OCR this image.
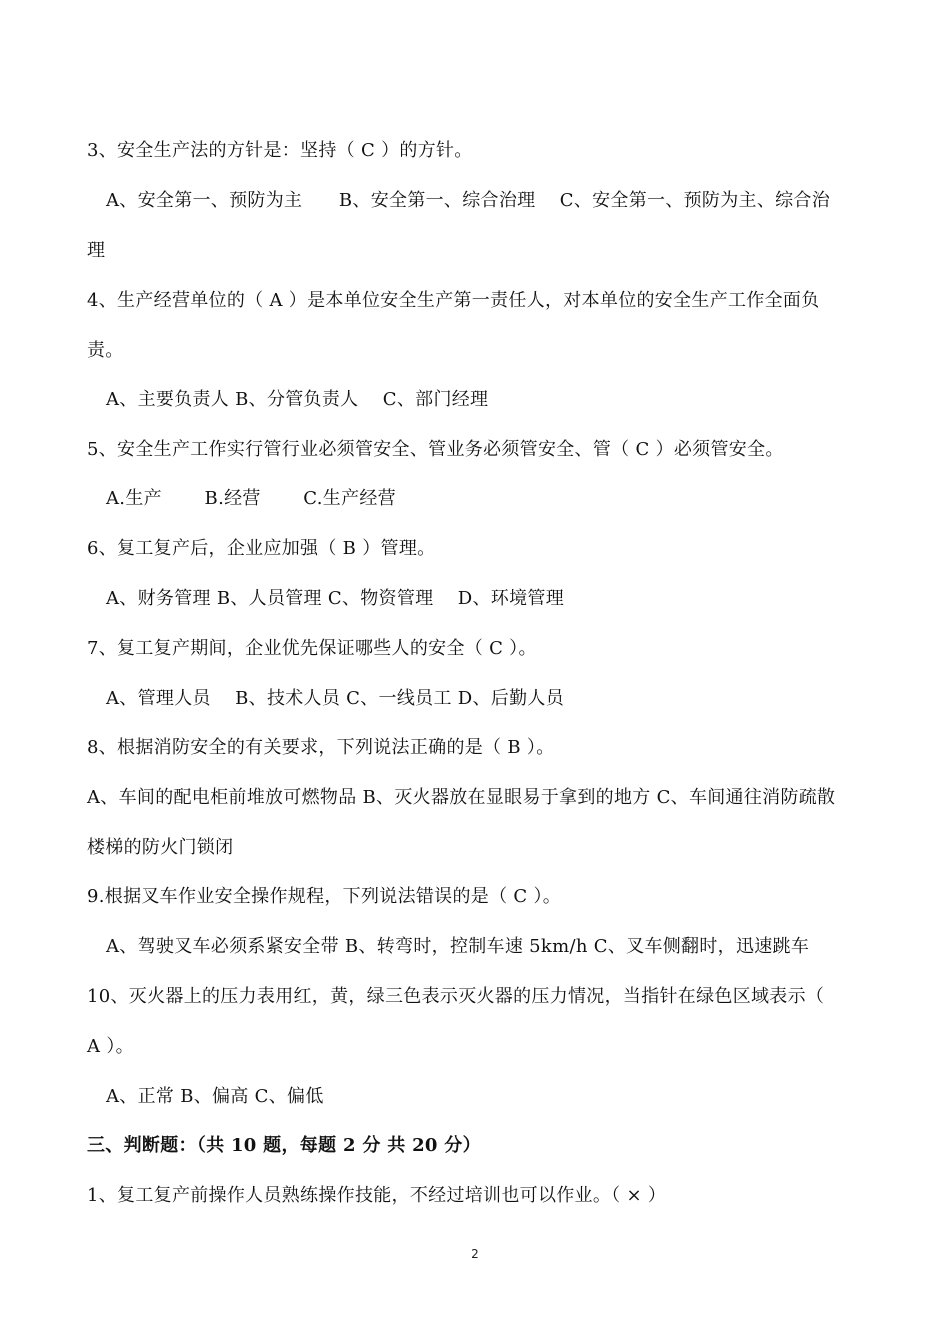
3、安全生产法的方针是：坚持（ C ）的方针。
A、安全第一、预防为主　　B、安全第一、综合治理　 C、安全第一、预防为主、综合治
理
4、生产经营单位的（ A ）是本单位安全生产第一责任人，对本单位的安全生产工作全面负
责。
A、主要负责人 B、分管负责人　 C、部门经理
5、安全生产工作实行管行业必须管安全、管业务必须管安全、管（ C ）必须管安全。
A.生产　　 B.经营　　 C.生产经营
6、复工复产后，企业应加强（ B ）管理。
A、财务管理 B、人员管理 C、物资管理　 D、环境管理
7、复工复产期间，企业优先保证哪些人的安全（ C ）。
A、管理人员　 B、技术人员 C、一线员工 D、后勤人员
8、根据消防安全的有关要求，下列说法正确的是（ B ）。
A、车间的配电柜前堆放可燃物品 B、灭火器放在显眼易于拿到的地方 C、车间通往消防疏散
楼梯的防火门锁闭
9.根据叉车作业安全操作规程，下列说法错误的是（ C ）。
A、驾驶叉车必须系紧安全带 B、转弯时，控制车速 5km/h C、叉车侧翻时，迅速跳车
10、灭火器上的压力表用红，黄，绿三色表示灭火器的压力情况，当指针在绿色区域表示（
A ）。
A、正常 B、偏高 C、偏低
三、判断题：（共 10 题，每题 2 分 共 20 分）
1、复工复产前操作人员熟练操作技能，不经过培训也可以作业。（ × ）
2
